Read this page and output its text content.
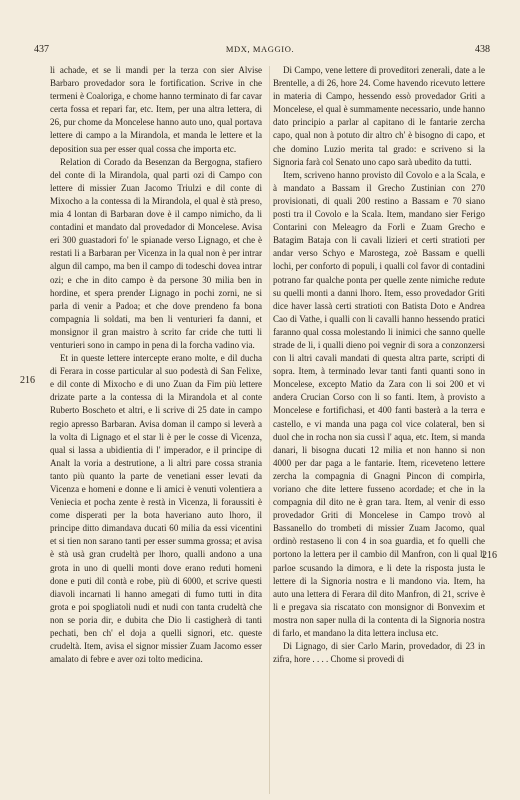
437	MDX, MAGGIO.	438
216
216

li achade, et se li mandi per la terza con sier Alvise Barbaro provedador sora le fortification. Scrive in che termeni è Coaloriga, e chome hanno terminato di far cavar certa fossa et repari far, etc. Item, per una altra lettera, di 26, pur chome da Moncelese hanno auto uno, qual portava lettere di campo a la Mirandola, et manda le lettere et la deposition sua per esser qual cossa che importa etc.

Relation di Corado da Besenzan da Bergogna, stafiero del conte di la Mirandola, qual parti ozi di Campo con lettere di missier Zuan Jacomo Triulzi e dil conte di Mixocho a la contessa di la Mirandola, el qual è stà preso, mia 4 lontan di Barbaran dove è il campo nimicho, da li contadini et mandato dal provedador di Moncelese. Avisa eri 300 guastadori fo' le spianade verso Lignago, et che è restati li a Barbaran per Vicenza in la qual non è per intrar algun dil campo, ma ben il campo di todeschi dovea intrar ozi; e che in dito campo è da persone 30 milia ben in hordine, et spera prender Lignago in pochi zorni, ne si parla di venir a Padoa; et che dove prendeno fa bona compagnia li soldati, ma ben li venturieri fa danni, et monsignor il gran maistro à scrito far cride che tutti li venturieri sono in campo in pena di la forcha vadino via.

Et in queste lettere intercepte erano molte, e dil ducha di Ferara in cosse particular al suo podestà di San Felixe, e dil conte di Mixocho e di uno Zuan da Fim più lettere drizate parte a la contessa di la Mirandola et al conte Ruberto Boscheto et altri, e li scrive di 25 date in campo regio apresso Barbaran. Avisa doman il campo si leverà a la volta di Lignago et el star li è per le cosse di Vicenza, qual si lassa a ubidientia di l' imperador, e il principe di Analt la voria a destrutione, a li altri pare cossa strania tanto più quanto la parte de venetiani esser levati da Vicenza e homeni e donne e li amici è venuti volentiera a Veniecia et pocha zente è restà in Vicenza, li foraussiti è come disperati per la bota haveriano auto lhoro, il principe ditto dimandava ducati 60 milia da essi vicentini et si tien non sarano tanti per esser summa grossa; et avisa è stà usà gran crudeltà per lhoro, qualli andono a una grota in uno di quelli monti dove erano reduti homeni done e puti dil contà e robe, più di 6000, et scrive questi diavoli incarnati li hanno amegati di fumo tutti in dita grota e poi spogliatoli nudi et nudi con tanta crudeltà che non se poria dir, e dubita che Dio li castigherà di tanti pechati, ben ch' el doja a quelli signori, etc. queste crudeltà. Item, avisa el signor missier Zuam Jacomo esser amalato di febre e aver ozi tolto medicina.

Di Campo, vene lettere di proveditori zenerali, date a le Brentelle, a di 26, hore 24. Come havendo ricevuto lettere in materia di Campo, hessendo essò provedador Griti a Moncelese, el qual è summamente necessario, unde hanno dato principio a parlar al capitano di le fantarie zercha capo, qual non à potuto dir altro ch' è bisogno di capo, et che domino Luzio merita tal grado: e scriveno si la Signoria farà col Senato uno capo sarà ubedito da tutti.

Item, scriveno hanno provisto dil Covolo e a la Scala, e à mandato a Bassam il Grecho Zustinian con 270 provisionati, di quali 200 restino a Bassam e 70 siano posti tra il Covolo e la Scala. Item, mandano sier Ferigo Contarini con Meleagro da Forli e Zuam Grecho e Batagim Bataja con li cavali lizieri et certi stratioti per andar verso Schyo e Marostega, zoè Bassam e quelli lochi, per conforto di populi, i qualli col favor di contadini potrano far qualche ponta per quelle zente nimiche redute su quelli monti a danni lhoro. Item, esso provedador Griti dice haver lassà certi stratioti con Batista Doto e Andrea Cao di Vathe, i qualli con li cavalli hanno hessendo pratici faranno qual cossa molestando li inimici che sanno quelle strade de li, i qualli dieno poi vegnir di sora a conzonzersi con li altri cavali mandati di questa altra parte, scripti di sopra. Item, à terminado levar tanti fanti quanti sono in Moncelese, excepto Matio da Zara con li soi 200 et vi andera Crucian Corso con li so fanti. Item, à provisto a Moncelese e fortifichasi, et 400 fanti basterà a la terra e castello, e vi manda una paga col vice colateral, ben si duol che in rocha non sia cussì l' aqua, etc. Item, si manda danari, li bisogna ducati 12 milia et non hanno si non 4000 per dar paga a le fantarie. Item, riceveteno lettere zercha la compagnia di Gnagni Pincon di compirla, voriano che dite lettere fusseno acordade; et che in la compagnia dil dito ne è gran tara. Item, al venir di esso provedador Griti di Moncelese in Campo trovò al Bassanello do trombeti di missier Zuam Jacomo, qual ordinò restaseno li con 4 in soa guardia, et fo quelli che portono la lettera per il cambio dil Manfron, con li qual li parloe scusando la dimora, e li dete la risposta justa le lettere di la Signoria nostra e li mandono via. Item, ha auto una lettera di Ferara dil dito Manfron, di 21, scrive è li e pregava sia riscatato con monsignor di Bonvexim et mostra non saper nulla di la contenta di la Signoria nostra di farlo, et mandano la dita lettera inclusa etc.

Di Lignago, di sier Carlo Marin, provedador, di 23 in zifra, hore . . . . Chome si provedi di
